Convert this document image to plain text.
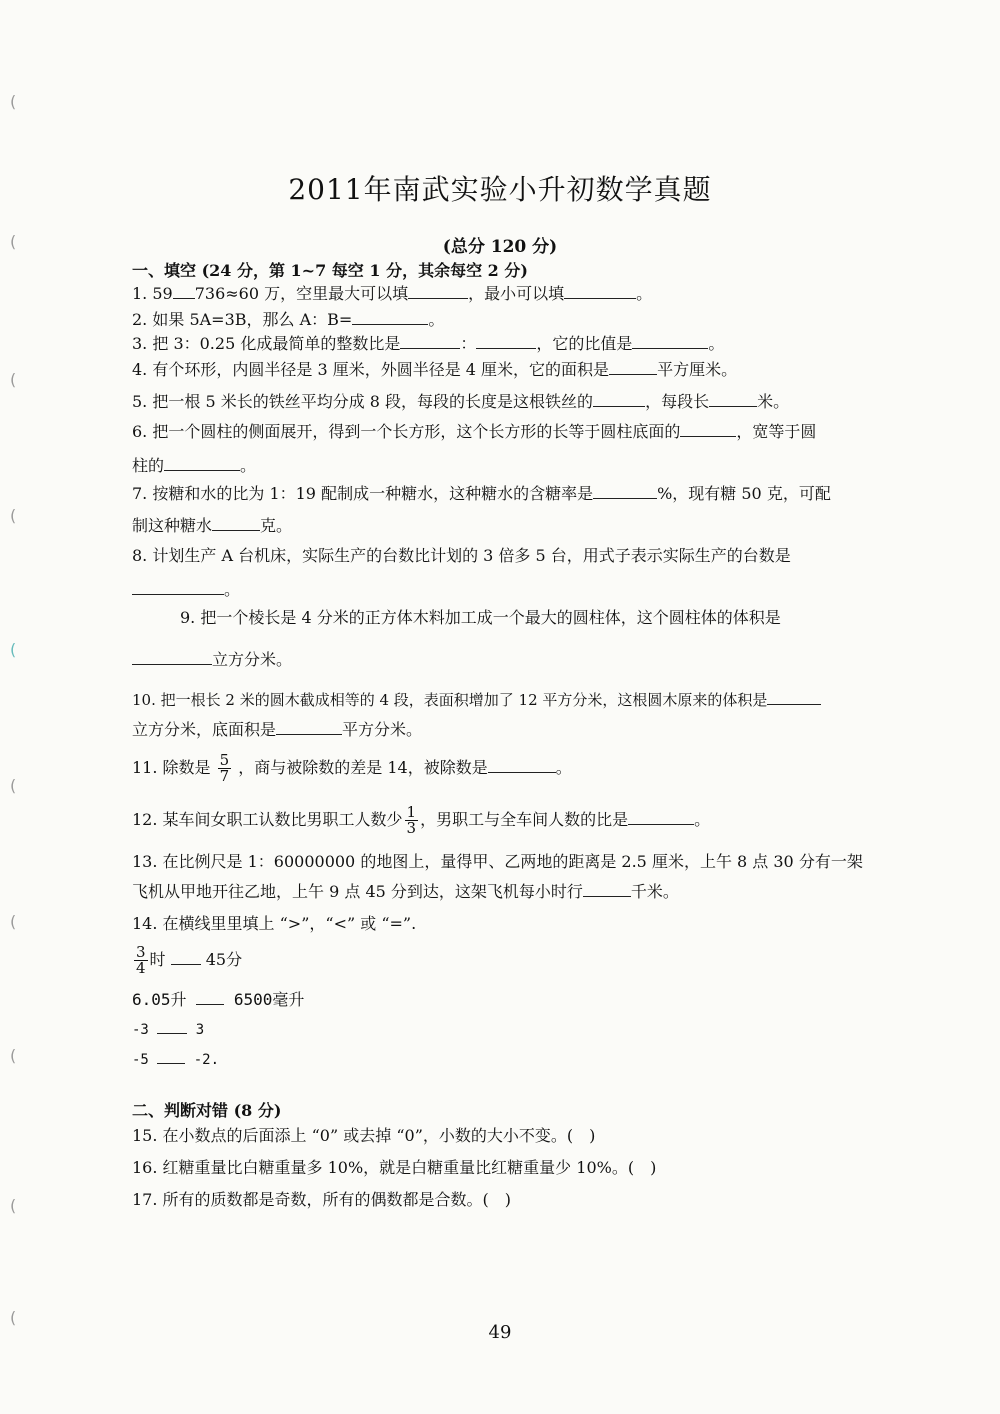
(
(
(
(
(
(
(
(
(
(
2011年南武实验小升初数学真题
(总分 120 分)
一、填空 (24 分，第 1~7 每空 1 分，其余每空 2 分)
1. 59 736≈60 万，空里最大可以填	，最小可以填	。
2. 如果 5A=3B，那么 A：B=	。
3. 把 3：0.25 化成最简单的整数比是	：	，它的比值是	。
4. 有个环形，内圆半径是 3 厘米，外圆半径是 4 厘米，它的面积是	平方厘米。
5. 把一根 5 米长的铁丝平均分成 8 段，每段的长度是这根铁丝的	，每段长	米。
6. 把一个圆柱的侧面展开，得到一个长方形，这个长方形的长等于圆柱底面的	，宽等于圆
柱的	。
7. 按糖和水的比为 1：19 配制成一种糖水，这种糖水的含糖率是	%，现有糖 50 克，可配
制这种糖水	克。
8. 计划生产 A 台机床，实际生产的台数比计划的 3 倍多 5 台，用式子表示实际生产的台数是
。
9. 把一个棱长是 4 分米的正方体木料加工成一个最大的圆柱体，这个圆柱体的体积是
立方分米。
10. 把一根长 2 米的圆木截成相等的 4 段，表面积增加了 12 平方分米，这根圆木原来的体积是
立方分米，底面积是	平方分米。
11. 除数是 $\frac{5}{7}$ ，商与被除数的差是 14，被除数是	。
12. 某车间女职工认数比男职工人数少 $\frac{1}{3}$ ，男职工与全车间人数的比是	。
13. 在比例尺是 1：60000000 的地图上，量得甲、乙两地的距离是 2.5 厘米，上午 8 点 30 分有一架
飞机从甲地开往乙地，上午 9 点 45 分到达，这架飞机每小时行	千米。
14. 在横线里里填上 “>”，“<” 或 “=”.
$\frac{3}{4}$ 时	45分
6.05升	6500毫升
-3	3
-5	-2.
二、判断对错 (8 分)
15. 在小数点的后面添上 “0” 或去掉 “0”，小数的大小不变。(　)
16. 红糖重量比白糖重量多 10%，就是白糖重量比红糖重量少 10%。(　)
17. 所有的质数都是奇数，所有的偶数都是合数。(　)
49
